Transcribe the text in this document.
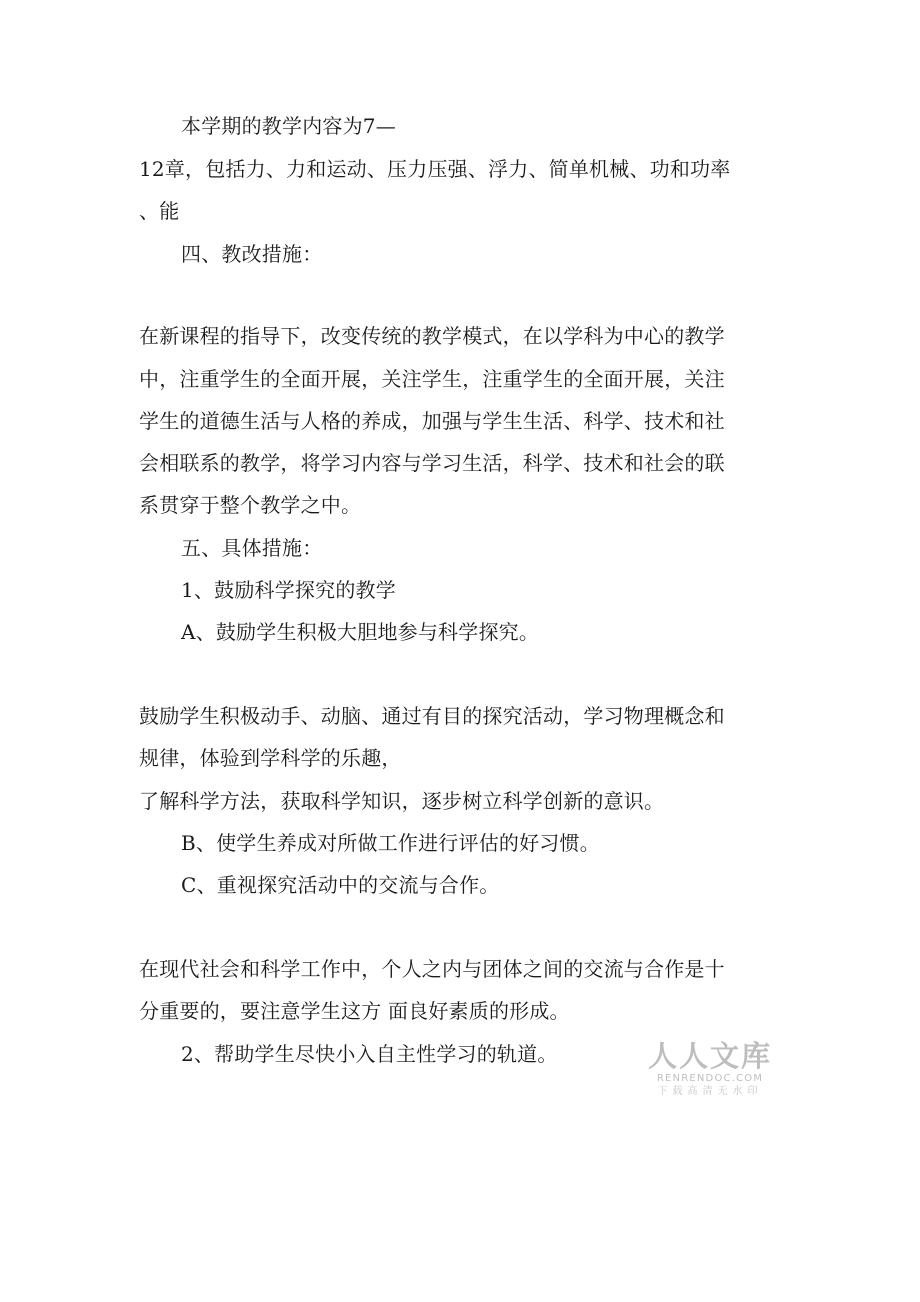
本学期的教学内容为7—
12章，包括力、力和运动、压力压强、浮力、简单机械、功和功率
、能
四、教改措施：
在新课程的指导下，改变传统的教学模式，在以学科为中心的教学
中，注重学生的全面开展，关注学生，注重学生的全面开展，关注
学生的道德生活与人格的养成，加强与学生生活、科学、技术和社
会相联系的教学，将学习内容与学习生活，科学、技术和社会的联
系贯穿于整个教学之中。
五、具体措施：
1、鼓励科学探究的教学
A、鼓励学生积极大胆地参与科学探究。
鼓励学生积极动手、动脑、通过有目的探究活动，学习物理概念和
规律，体验到学科学的乐趣，
了解科学方法，获取科学知识，逐步树立科学创新的意识。
B、使学生养成对所做工作进行评估的好习惯。
C、重视探究活动中的交流与合作。
在现代社会和科学工作中，个人之内与团体之间的交流与合作是十
分重要的，要注意学生这方 面良好素质的形成。
2、帮助学生尽快小入自主性学习的轨道。	人人文库
RENRENDOC.COM
下载高清无水印
